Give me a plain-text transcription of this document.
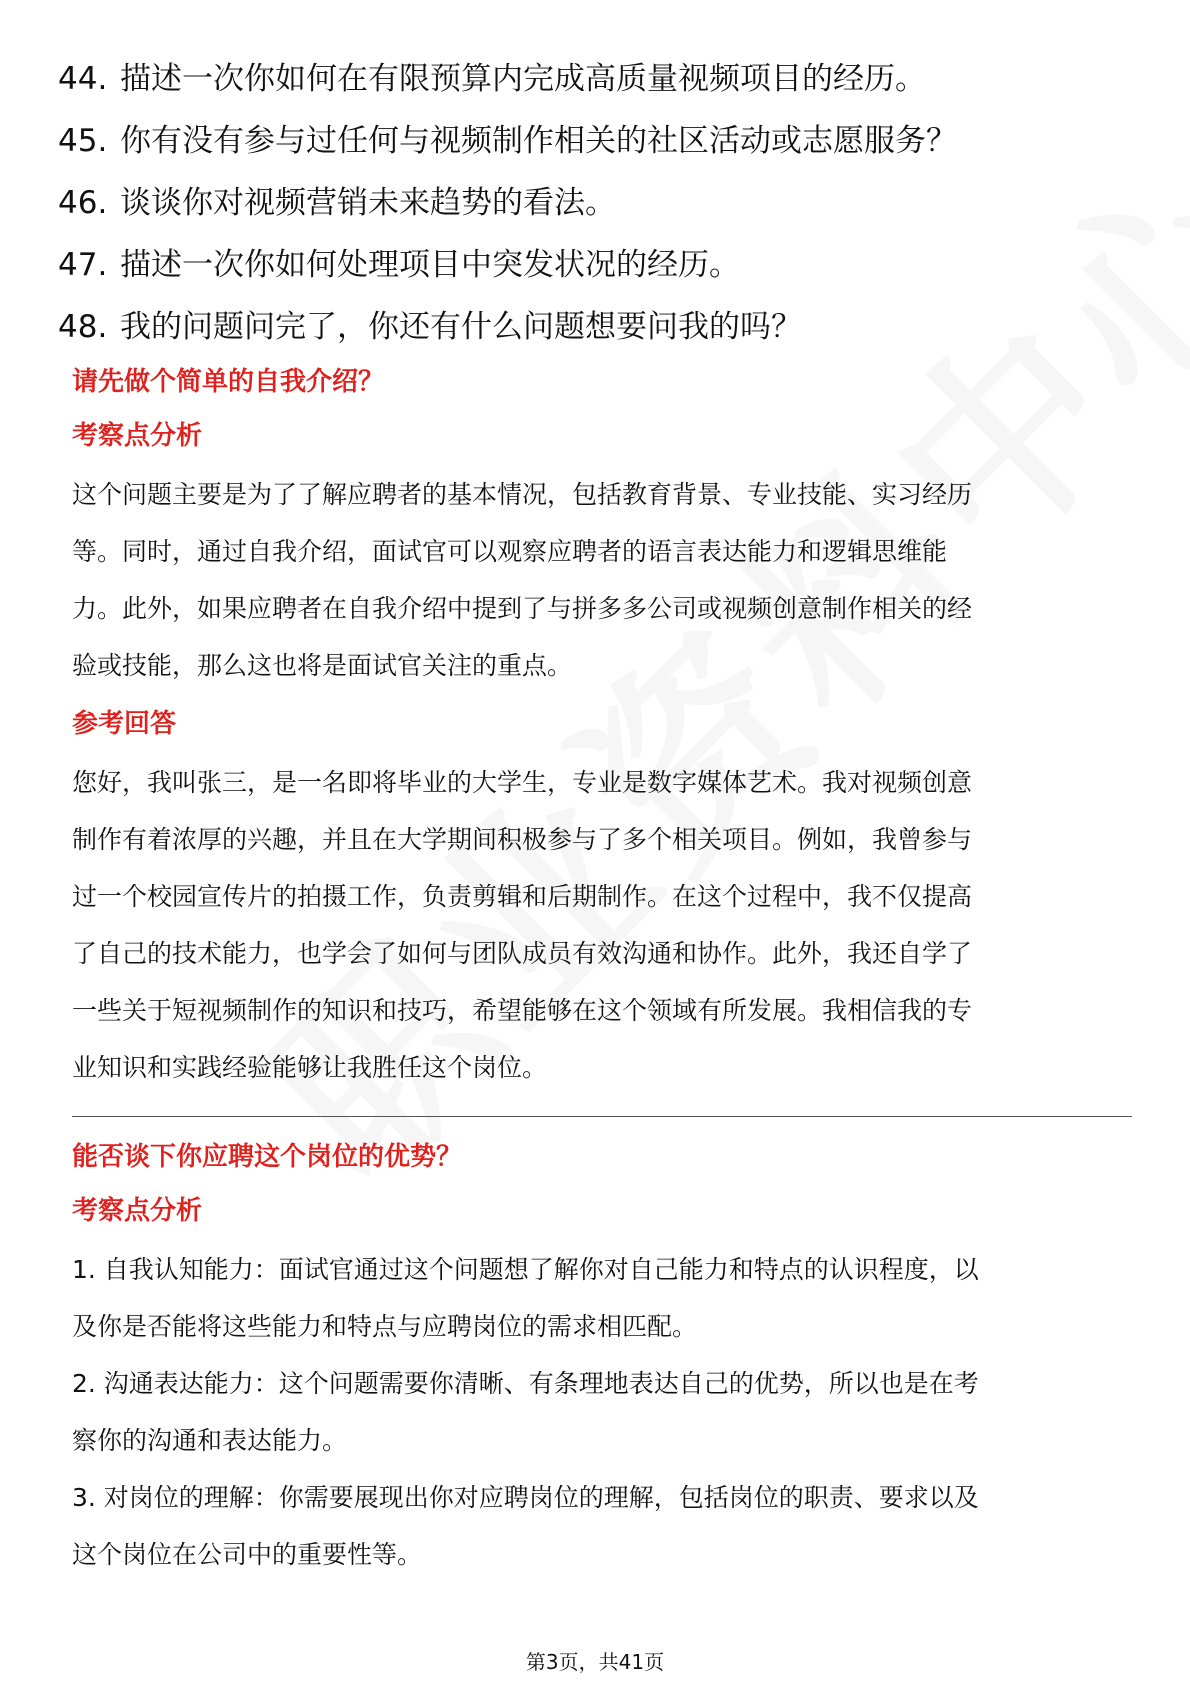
44. 描述一次你如何在有限预算内完成高质量视频项目的经历。
45. 你有没有参与过任何与视频制作相关的社区活动或志愿服务？
46. 谈谈你对视频营销未来趋势的看法。
47. 描述一次你如何处理项目中突发状况的经历。
48. 我的问题问完了，你还有什么问题想要问我的吗？
请先做个简单的自我介绍？
考察点分析

这个问题主要是为了了解应聘者的基本情况，包括教育背景、专业技能、实习经历

等。同时，通过自我介绍，面试官可以观察应聘者的语言表达能力和逻辑思维能

力。此外，如果应聘者在自我介绍中提到了与拼多多公司或视频创意制作相关的经

验或技能，那么这也将是面试官关注的重点。

参考回答

您好，我叫张三，是一名即将毕业的大学生，专业是数字媒体艺术。我对视频创意

制作有着浓厚的兴趣，并且在大学期间积极参与了多个相关项目。例如，我曾参与

过一个校园宣传片的拍摄工作，负责剪辑和后期制作。在这个过程中，我不仅提高

了自己的技术能力，也学会了如何与团队成员有效沟通和协作。此外，我还自学了

一些关于短视频制作的知识和技巧，希望能够在这个领域有所发展。我相信我的专

业知识和实践经验能够让我胜任这个岗位。

能否谈下你应聘这个岗位的优势？
考察点分析

1. 自我认知能力：面试官通过这个问题想了解你对自己能力和特点的认识程度，以

及你是否能将这些能力和特点与应聘岗位的需求相匹配。

2. 沟通表达能力：这个问题需要你清晰、有条理地表达自己的优势，所以也是在考

察你的沟通和表达能力。

3. 对岗位的理解：你需要展现出你对应聘岗位的理解，包括岗位的职责、要求以及

这个岗位在公司中的重要性等。

第3页，共41页
